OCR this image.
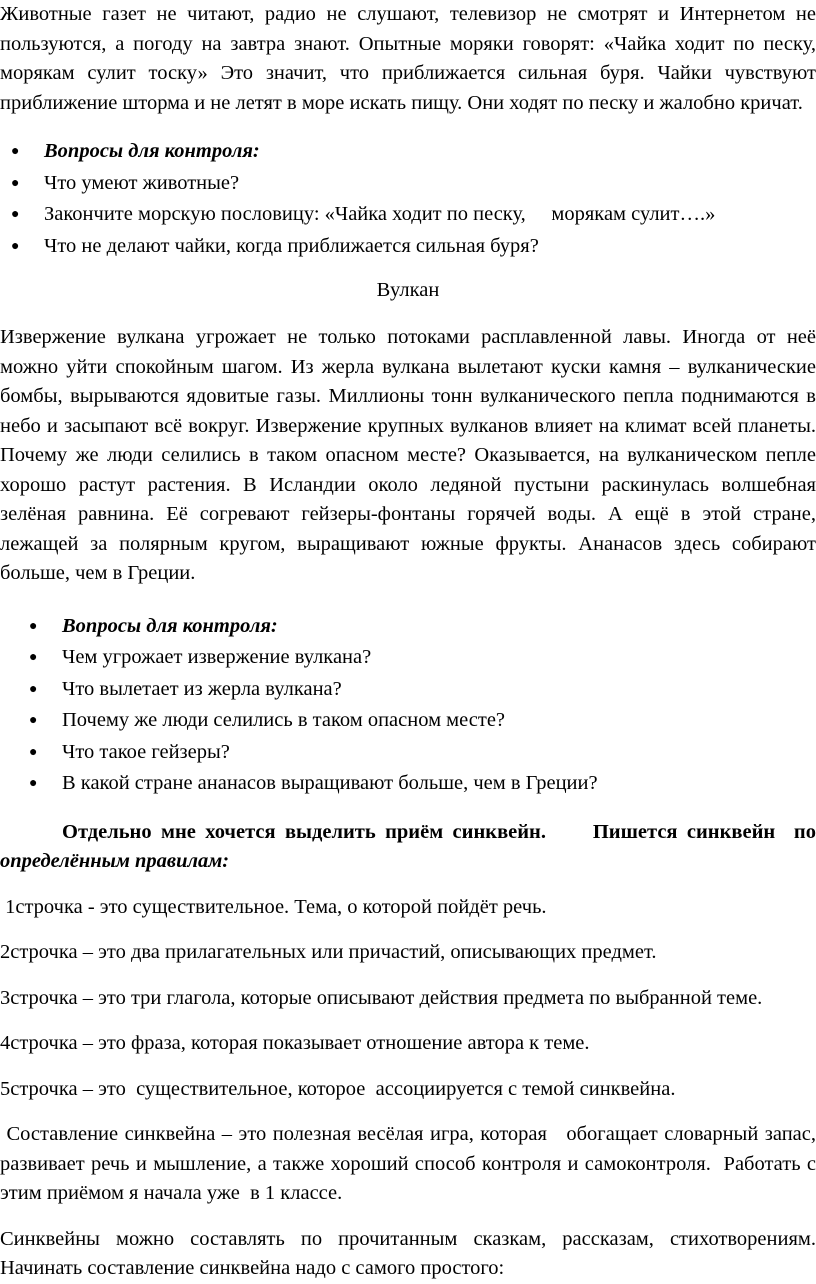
Животные газет не читают, радио не слушают, телевизор не смотрят и Интернетом не пользуются, а погоду на завтра знают. Опытные моряки говорят: «Чайка ходит по песку, морякам сулит тоску» Это значит, что приближается сильная буря. Чайки чувствуют приближение шторма и не летят в море искать пищу. Они ходят по песку и жалобно кричат.

● Вопросы для контроля:
● Что умеют животные?
● Закончите морскую пословицу: «Чайка ходит по песку,     морякам сулит….»
● Что не делают чайки, когда приближается сильная буря?

Вулкан

Извержение вулкана угрожает не только потоками расплавленной лавы. Иногда от неё можно уйти спокойным шагом. Из жерла вулкана вылетают куски камня – вулканические бомбы, вырываются ядовитые газы. Миллионы тонн вулканического пепла поднимаются в небо и засыпают всё вокруг. Извержение крупных вулканов влияет на климат всей планеты. Почему же люди селились в таком опасном месте? Оказывается, на вулканическом пепле хорошо растут растения. В Исландии около ледяной пустыни раскинулась волшебная зелёная равнина. Её согревают гейзеры-фонтаны горячей воды. А ещё в этой стране, лежащей за полярным кругом, выращивают южные фрукты. Ананасов здесь собирают больше, чем в Греции.

● Вопросы для контроля:
● Чем угрожает извержение вулкана?
● Что вылетает из жерла вулкана?
● Почему же люди селились в таком опасном месте?
● Что такое гейзеры?
● В какой стране ананасов выращивают больше, чем в Греции?

Отдельно мне хочется выделить приём синквейн.     Пишется синквейн  по определённым правилам:

1строчка - это существительное. Тема, о которой пойдёт речь.

2строчка – это два прилагательных или причастий, описывающих предмет.

3строчка – это три глагола, которые описывают действия предмета по выбранной теме.

4строчка – это фраза, которая показывает отношение автора к теме.

5строчка – это  существительное, которое  ассоциируется с темой синквейна.

Составление синквейна – это полезная весёлая игра, которая   обогащает словарный запас, развивает речь и мышление, а также хороший способ контроля и самоконтроля.  Работать с этим приёмом я начала уже  в 1 классе.

Синквейны можно составлять по прочитанным сказкам, рассказам, стихотворениям. Начинать составление синквейна надо с самого простого:
